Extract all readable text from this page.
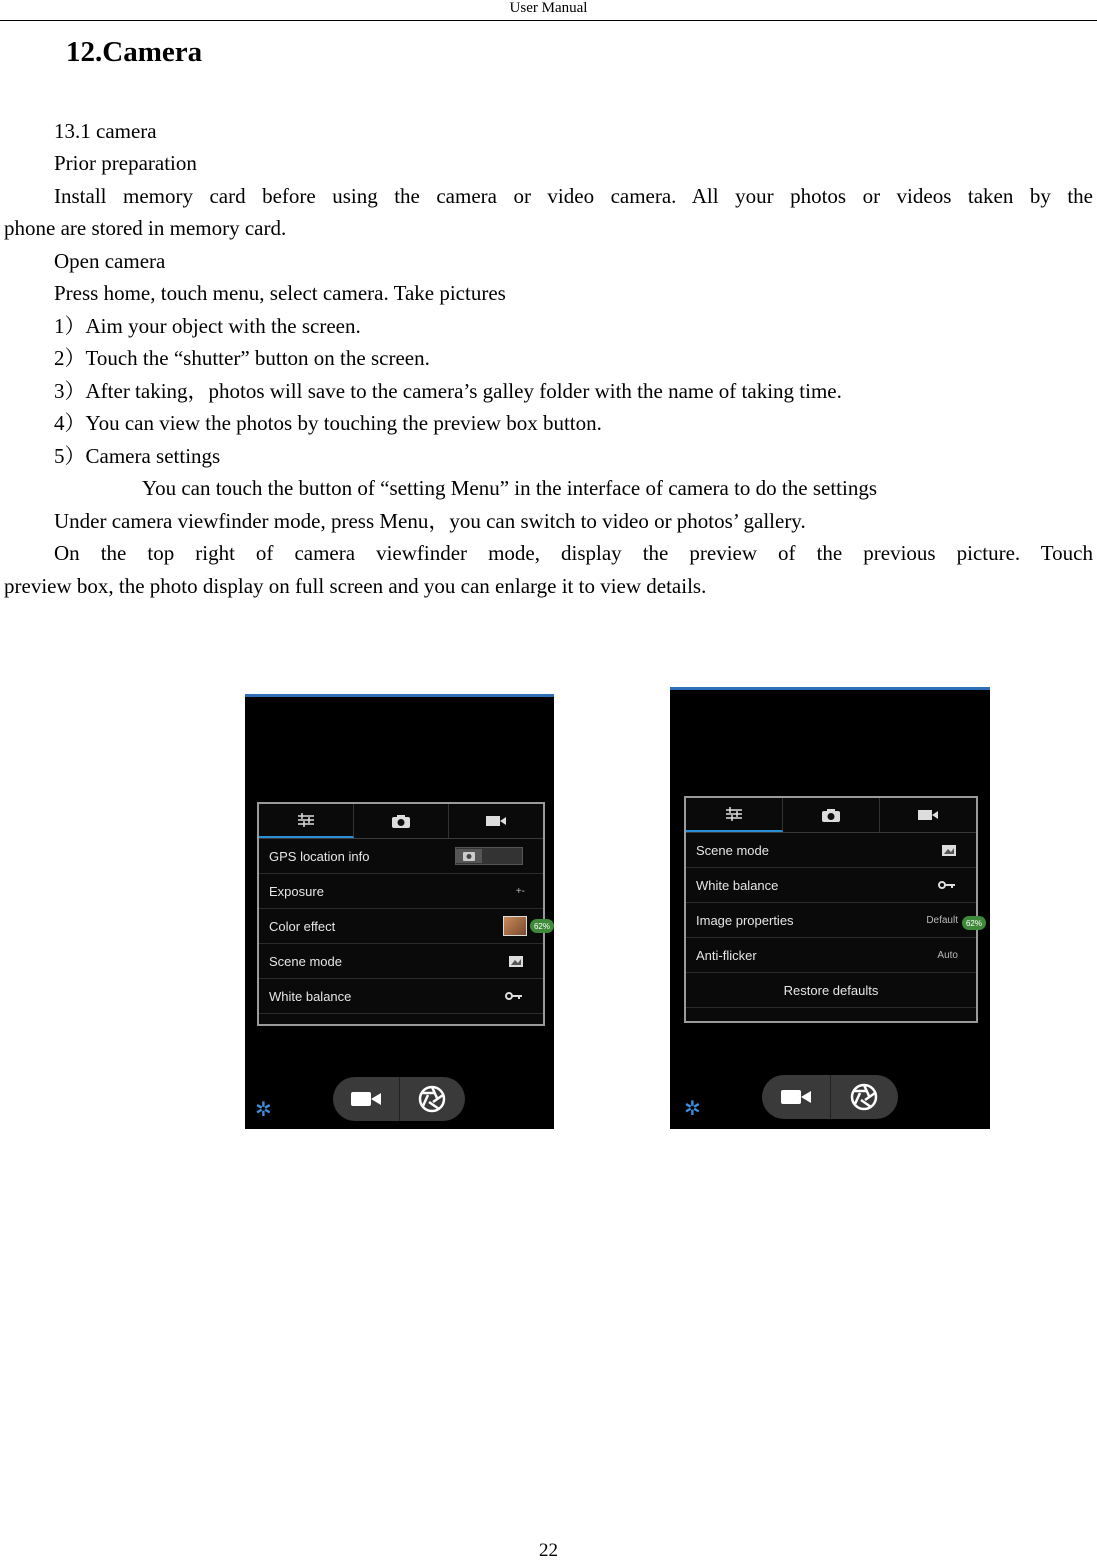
User Manual
12.Camera
13.1 camera
Prior preparation
Install memory card before using the camera or video camera. All your photos or videos taken by the
phone are stored in memory card.
Open camera
Press home, touch menu, select camera. Take pictures
1）Aim your object with the screen.
2）Touch the “shutter” button on the screen.
3）After taking，photos will save to the camera’s galley folder with the name of taking time.
4）You can view the photos by touching the preview box button.
5）Camera settings
You can touch the button of “setting Menu” in the interface of camera to do the settings
Under camera viewfinder mode, press Menu，you can switch to video or photos’ gallery.
On the top right of camera viewfinder mode, display the preview of the previous picture. Touch
preview box, the photo display on full screen and you can enlarge it to view details.
GPS location info
Exposure	+-
Color effect
Scene mode
White balance
62%
✲
Scene mode
White balance
Image properties	Default
Anti-flicker	Auto
Restore defaults
62%
✲
22
